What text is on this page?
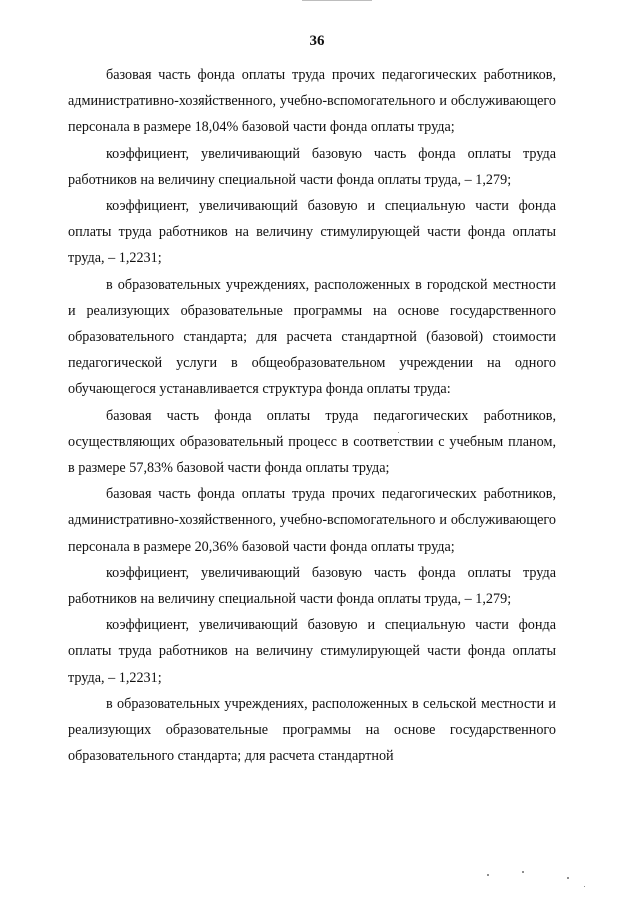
36

базовая часть фонда оплаты труда прочих педагогических работников, административно-хозяйственного, учебно-вспомогательного и обслуживающего персонала в размере 18,04% базовой части фонда оплаты труда;

коэффициент, увеличивающий базовую часть фонда оплаты труда работников на величину специальной части фонда оплаты труда, – 1,279;

коэффициент, увеличивающий базовую и специальную части фонда оплаты труда работников на величину стимулирующей части фонда оплаты труда, – 1,2231;

в образовательных учреждениях, расположенных в городской местности и реализующих образовательные программы на основе государственного образовательного стандарта; для расчета стандартной (базовой) стоимости педагогической услуги в общеобразовательном учреждении на одного обучающегося устанавливается структура фонда оплаты труда:

базовая часть фонда оплаты труда педагогических работников, осуществляющих образовательный процесс в соответствии с учебным планом, в размере 57,83% базовой части фонда оплаты труда;

базовая часть фонда оплаты труда прочих педагогических работников, административно-хозяйственного, учебно-вспомогательного и обслуживающего персонала в размере 20,36% базовой части фонда оплаты труда;

коэффициент, увеличивающий базовую часть фонда оплаты труда работников на величину специальной части фонда оплаты труда, – 1,279;

коэффициент, увеличивающий базовую и специальную части фонда оплаты труда работников на величину стимулирующей части фонда оплаты труда, – 1,2231;

в образовательных учреждениях, расположенных в сельской местности и реализующих образовательные программы на основе государственного образовательного стандарта; для расчета стандартной
